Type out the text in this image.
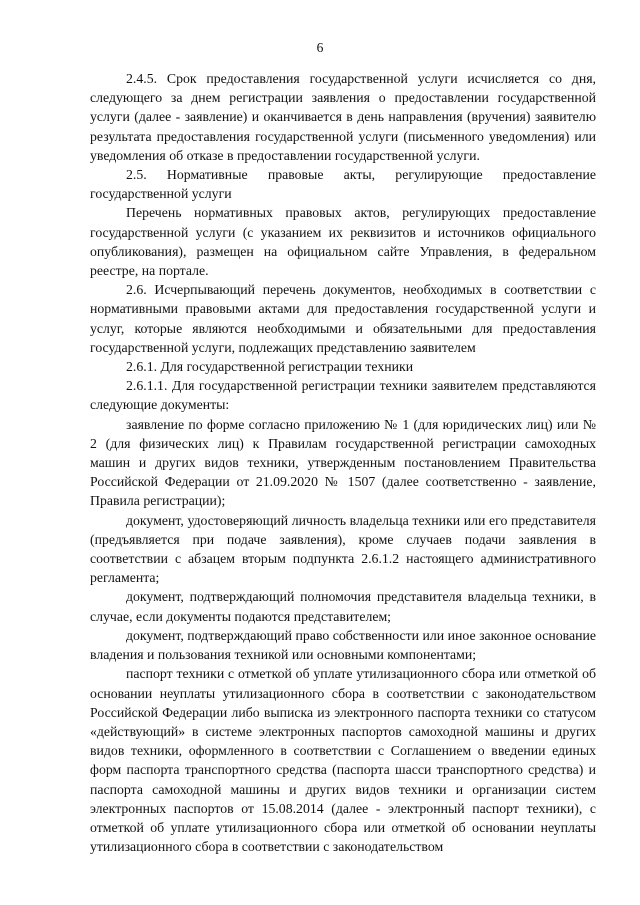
6

2.4.5. Срок предоставления государственной услуги исчисляется со дня, следующего за днем регистрации заявления о предоставлении государственной услуги (далее - заявление) и оканчивается в день направления (вручения) заявителю результата предоставления государственной услуги (письменного уведомления) или уведомления об отказе в предоставлении государственной услуги.

2.5. Нормативные правовые акты, регулирующие предоставление государственной услуги

Перечень нормативных правовых актов, регулирующих предоставление государственной услуги (с указанием их реквизитов и источников официального опубликования), размещен на официальном сайте Управления, в федеральном реестре, на портале.

2.6. Исчерпывающий перечень документов, необходимых в соответствии с нормативными правовыми актами для предоставления государственной услуги и услуг, которые являются необходимыми и обязательными для предоставления государственной услуги, подлежащих представлению заявителем

2.6.1. Для государственной регистрации техники

2.6.1.1. Для государственной регистрации техники заявителем представляются следующие документы:

заявление по форме согласно приложению № 1 (для юридических лиц) или № 2 (для физических лиц) к Правилам государственной регистрации самоходных машин и других видов техники, утвержденным постановлением Правительства Российской Федерации от 21.09.2020 № 1507 (далее соответственно - заявление, Правила регистрации);

документ, удостоверяющий личность владельца техники или его представителя (предъявляется при подаче заявления), кроме случаев подачи заявления в соответствии с абзацем вторым подпункта 2.6.1.2 настоящего административного регламента;

документ, подтверждающий полномочия представителя владельца техники, в случае, если документы подаются представителем;

документ, подтверждающий право собственности или иное законное основание владения и пользования техникой или основными компонентами;

паспорт техники с отметкой об уплате утилизационного сбора или отметкой об основании неуплаты утилизационного сбора в соответствии с законодательством Российской Федерации либо выписка из электронного паспорта техники со статусом «действующий» в системе электронных паспортов самоходной машины и других видов техники, оформленного в соответствии с Соглашением о введении единых форм паспорта транспортного средства (паспорта шасси транспортного средства) и паспорта самоходной машины и других видов техники и организации систем электронных паспортов от 15.08.2014 (далее - электронный паспорт техники), с отметкой об уплате утилизационного сбора или отметкой об основании неуплаты утилизационного сбора в соответствии с законодательством
